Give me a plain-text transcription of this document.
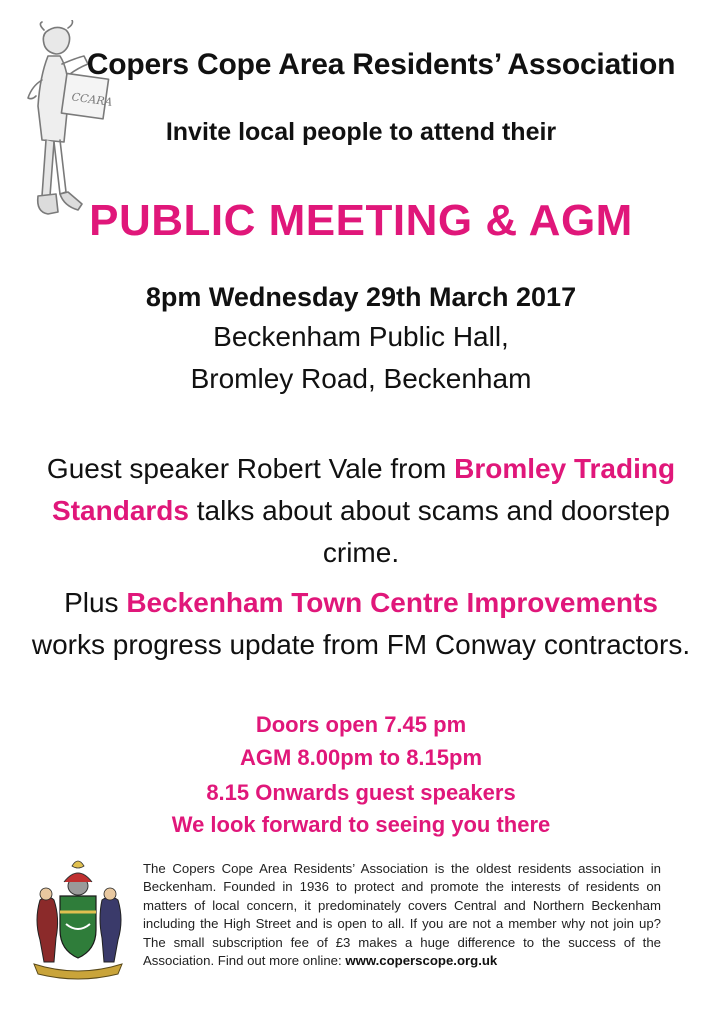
CCARA
Copers Cope Area Residents’ Association
Invite local people to attend their
PUBLIC MEETING & AGM
8pm Wednesday 29th March 2017
Beckenham Public Hall,
Bromley Road, Beckenham
Guest speaker Robert Vale from Bromley Trading Standards talks about about scams and doorstep crime.
Plus Beckenham Town Centre Improvements works progress update from FM Conway contractors.
Doors open 7.45 pm
AGM 8.00pm to 8.15pm
8.15 Onwards guest speakers
We look forward to seeing you there
The Copers Cope Area Residents’ Association is the oldest residents association in Beckenham. Founded in 1936 to protect and promote the interests of residents on matters of local concern, it predominately covers Central and Northern Beckenham including the High Street and is open to all. If you are not a member why not join up? The small subscription fee of £3 makes a huge difference to the success of the Association. Find out more online: www.coperscope.org.uk
